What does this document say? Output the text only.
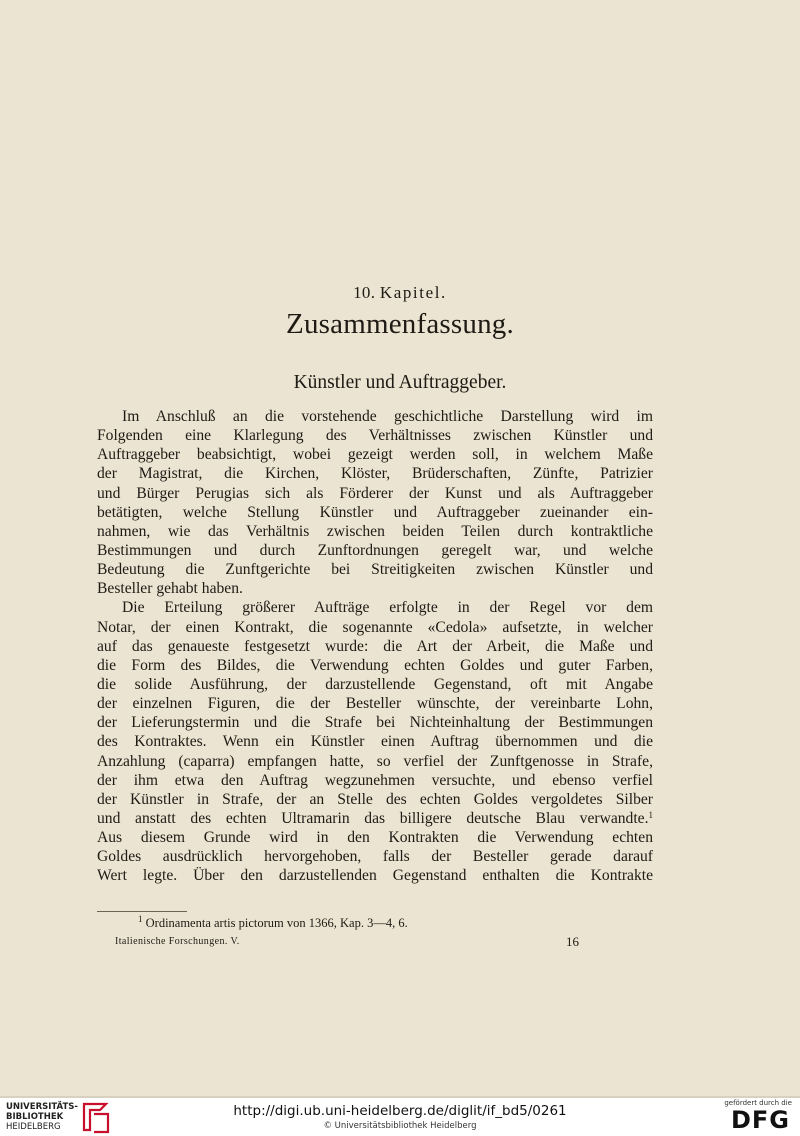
10. Kapitel.
Zusammenfassung.
Künstler und Auftraggeber.
Im Anschluß an die vorstehende geschichtliche Darstellung wird im
Folgenden eine Klarlegung des Verhältnisses zwischen Künstler und
Auftraggeber beabsichtigt, wobei gezeigt werden soll, in welchem Maße
der Magistrat, die Kirchen, Klöster, Brüderschaften, Zünfte, Patrizier
und Bürger Perugias sich als Förderer der Kunst und als Auftraggeber
betätigten, welche Stellung Künstler und Auftraggeber zueinander ein-
nahmen, wie das Verhältnis zwischen beiden Teilen durch kontraktliche
Bestimmungen und durch Zunftordnungen geregelt war, und welche
Bedeutung die Zunftgerichte bei Streitigkeiten zwischen Künstler und
Besteller gehabt haben.
Die Erteilung größerer Aufträge erfolgte in der Regel vor dem
Notar, der einen Kontrakt, die sogenannte «Cedola» aufsetzte, in welcher
auf das genaueste festgesetzt wurde: die Art der Arbeit, die Maße und
die Form des Bildes, die Verwendung echten Goldes und guter Farben,
die solide Ausführung, der darzustellende Gegenstand, oft mit Angabe
der einzelnen Figuren, die der Besteller wünschte, der vereinbarte Lohn,
der Lieferungstermin und die Strafe bei Nichteinhaltung der Bestimmungen
des Kontraktes. Wenn ein Künstler einen Auftrag übernommen und die
Anzahlung (caparra) empfangen hatte, so verfiel der Zunftgenosse in Strafe,
der ihm etwa den Auftrag wegzunehmen versuchte, und ebenso verfiel
der Künstler in Strafe, der an Stelle des echten Goldes vergoldetes Silber
und anstatt des echten Ultramarin das billigere deutsche Blau verwandte.$^1$
Aus diesem Grunde wird in den Kontrakten die Verwendung echten
Goldes ausdrücklich hervorgehoben, falls der Besteller gerade darauf
Wert legte. Über den darzustellenden Gegenstand enthalten die Kontrakte
$^1$ Ordinamenta artis pictorum von 1366, Kap. 3—4, 6.
Italienische Forschungen. V.	16
UNIVERSITÄTS-
BIBLIOTHEK
HEIDELBERG
http://digi.ub.uni-heidelberg.de/diglit/if_bd5/0261
© Universitätsbibliothek Heidelberg
gefördert durch die
DFG
